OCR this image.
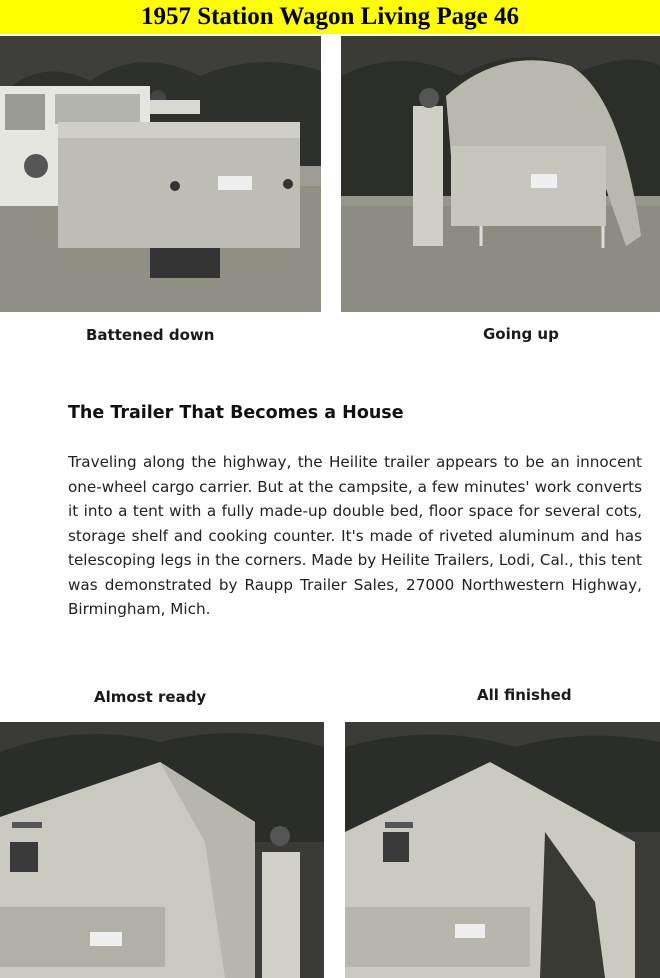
1957 Station Wagon Living Page 46
Battened down	Going up
The Trailer That Becomes a House
Traveling along the highway, the Heilite trailer appears to be an innocent one-wheel cargo carrier. But at the campsite, a few minutes' work converts it into a tent with a fully made-up double bed, floor space for several cots, storage shelf and cooking counter. It's made of riveted aluminum and has telescoping legs in the corners. Made by Heilite Trailers, Lodi, Cal., this tent was demonstrated by Raupp Trailer Sales, 27000 Northwestern Highway, Birmingham, Mich.
Almost ready	All finished
